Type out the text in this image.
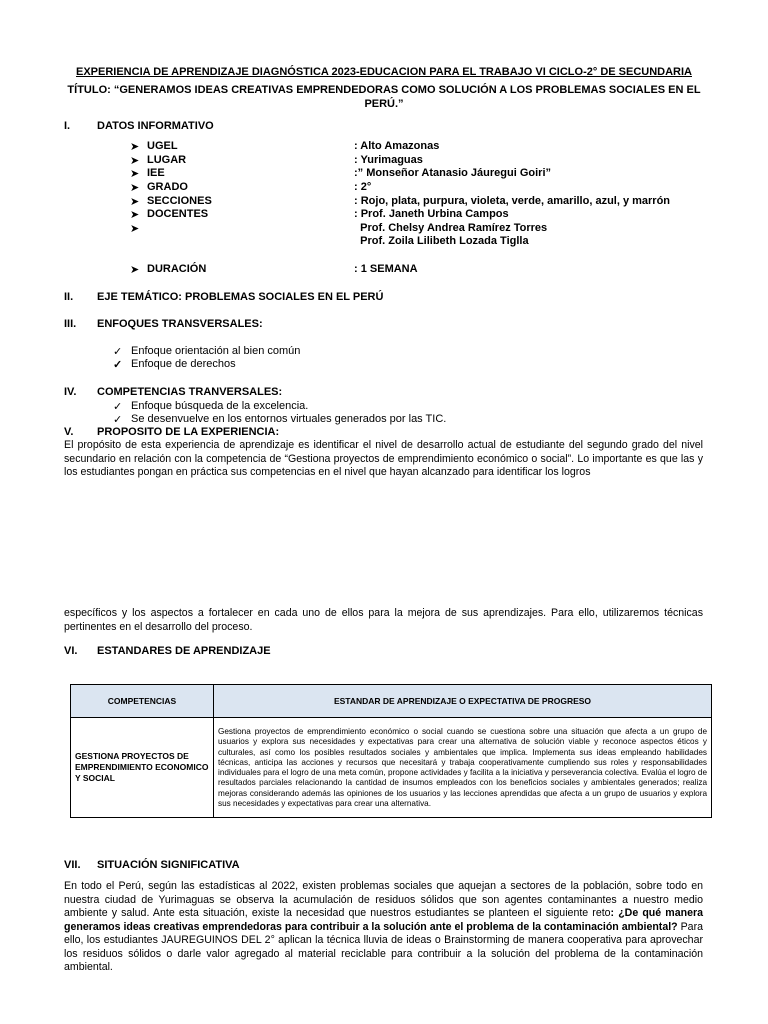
EXPERIENCIA DE APRENDIZAJE DIAGNÓSTICA 2023-EDUCACION PARA EL TRABAJO VI CICLO-2° DE SECUNDARIA
TÍTULO: “GENERAMOS IDEAS CREATIVAS EMPRENDEDORAS COMO SOLUCIÓN A LOS PROBLEMAS SOCIALES EN EL
PERÚ.”
I. DATOS INFORMATIVO
➤ UGEL	: Alto Amazonas
➤ LUGAR	: Yurimaguas
➤ IEE	:” Monseñor Atanasio Jáuregui Goiri”
➤ GRADO	: 2°
➤ SECCIONES	: Rojo, plata, purpura, violeta, verde, amarillo, azul, y marrón
➤ DOCENTES	: Prof. Janeth Urbina Campos
➤	Prof. Chelsy Andrea Ramírez Torres
Prof. Zoila Lilibeth Lozada Tiglla
➤ DURACIÓN	: 1 SEMANA
II. EJE TEMÁTICO: PROBLEMAS SOCIALES EN EL PERÚ
III. ENFOQUES TRANSVERSALES:
✓ Enfoque orientación al bien común
✓ Enfoque de derechos
IV. COMPETENCIAS TRANVERSALES:
✓ Enfoque búsqueda de la excelencia.
✓ Se desenvuelve en los entornos virtuales generados por las TIC.
V. PROPOSITO DE LA EXPERIENCIA:
El propósito de esta experiencia de aprendizaje es identificar el nivel de desarrollo actual de estudiante del segundo grado del nivel secundario en relación con la competencia de “Gestiona proyectos de emprendimiento económico o social”. Lo importante es que las y los estudiantes pongan en práctica sus competencias en el nivel que hayan alcanzado para identificar los logros
específicos y los aspectos a fortalecer en cada uno de ellos para la mejora de sus aprendizajes. Para ello, utilizaremos técnicas pertinentes en el desarrollo del proceso.
VI. ESTANDARES DE APRENDIZAJE
COMPETENCIAS	ESTANDAR DE APRENDIZAJE O EXPECTATIVA DE PROGRESO
GESTIONA PROYECTOS DE EMPRENDIMIENTO ECONOMICO Y SOCIAL	Gestiona proyectos de emprendimiento económico o social cuando se cuestiona sobre una situación que afecta a un grupo de usuarios y explora sus necesidades y expectativas para crear una alternativa de solución viable y reconoce aspectos éticos y culturales, así como los posibles resultados sociales y ambientales que implica. Implementa sus ideas empleando habilidades técnicas, anticipa las acciones y recursos que necesitará y trabaja cooperativamente cumpliendo sus roles y responsabilidades individuales para el logro de una meta común, propone actividades y facilita a la iniciativa y perseverancia colectiva. Evalúa el logro de resultados parciales relacionando la cantidad de insumos empleados con los beneficios sociales y ambientales generados; realiza mejoras considerando además las opiniones de los usuarios y las lecciones aprendidas que afecta a un grupo de usuarios y explora sus necesidades y expectativas para crear una alternativa.
VII. SITUACIÓN SIGNIFICATIVA
En todo el Perú, según las estadísticas al 2022, existen problemas sociales que aquejan a sectores de la población, sobre todo en nuestra ciudad de Yurimaguas se observa la acumulación de residuos sólidos que son agentes contaminantes a nuestro medio ambiente y salud. Ante esta situación, existe la necesidad que nuestros estudiantes se planteen el siguiente reto: ¿De qué manera generamos ideas creativas emprendedoras para contribuir a la solución ante el problema de la contaminación ambiental? Para ello, los estudiantes JAUREGUINOS DEL 2° aplican la técnica lluvia de ideas o Brainstorming de manera cooperativa para aprovechar los residuos sólidos o darle valor agregado al material reciclable para contribuir a la solución del problema de la contaminación ambiental.
